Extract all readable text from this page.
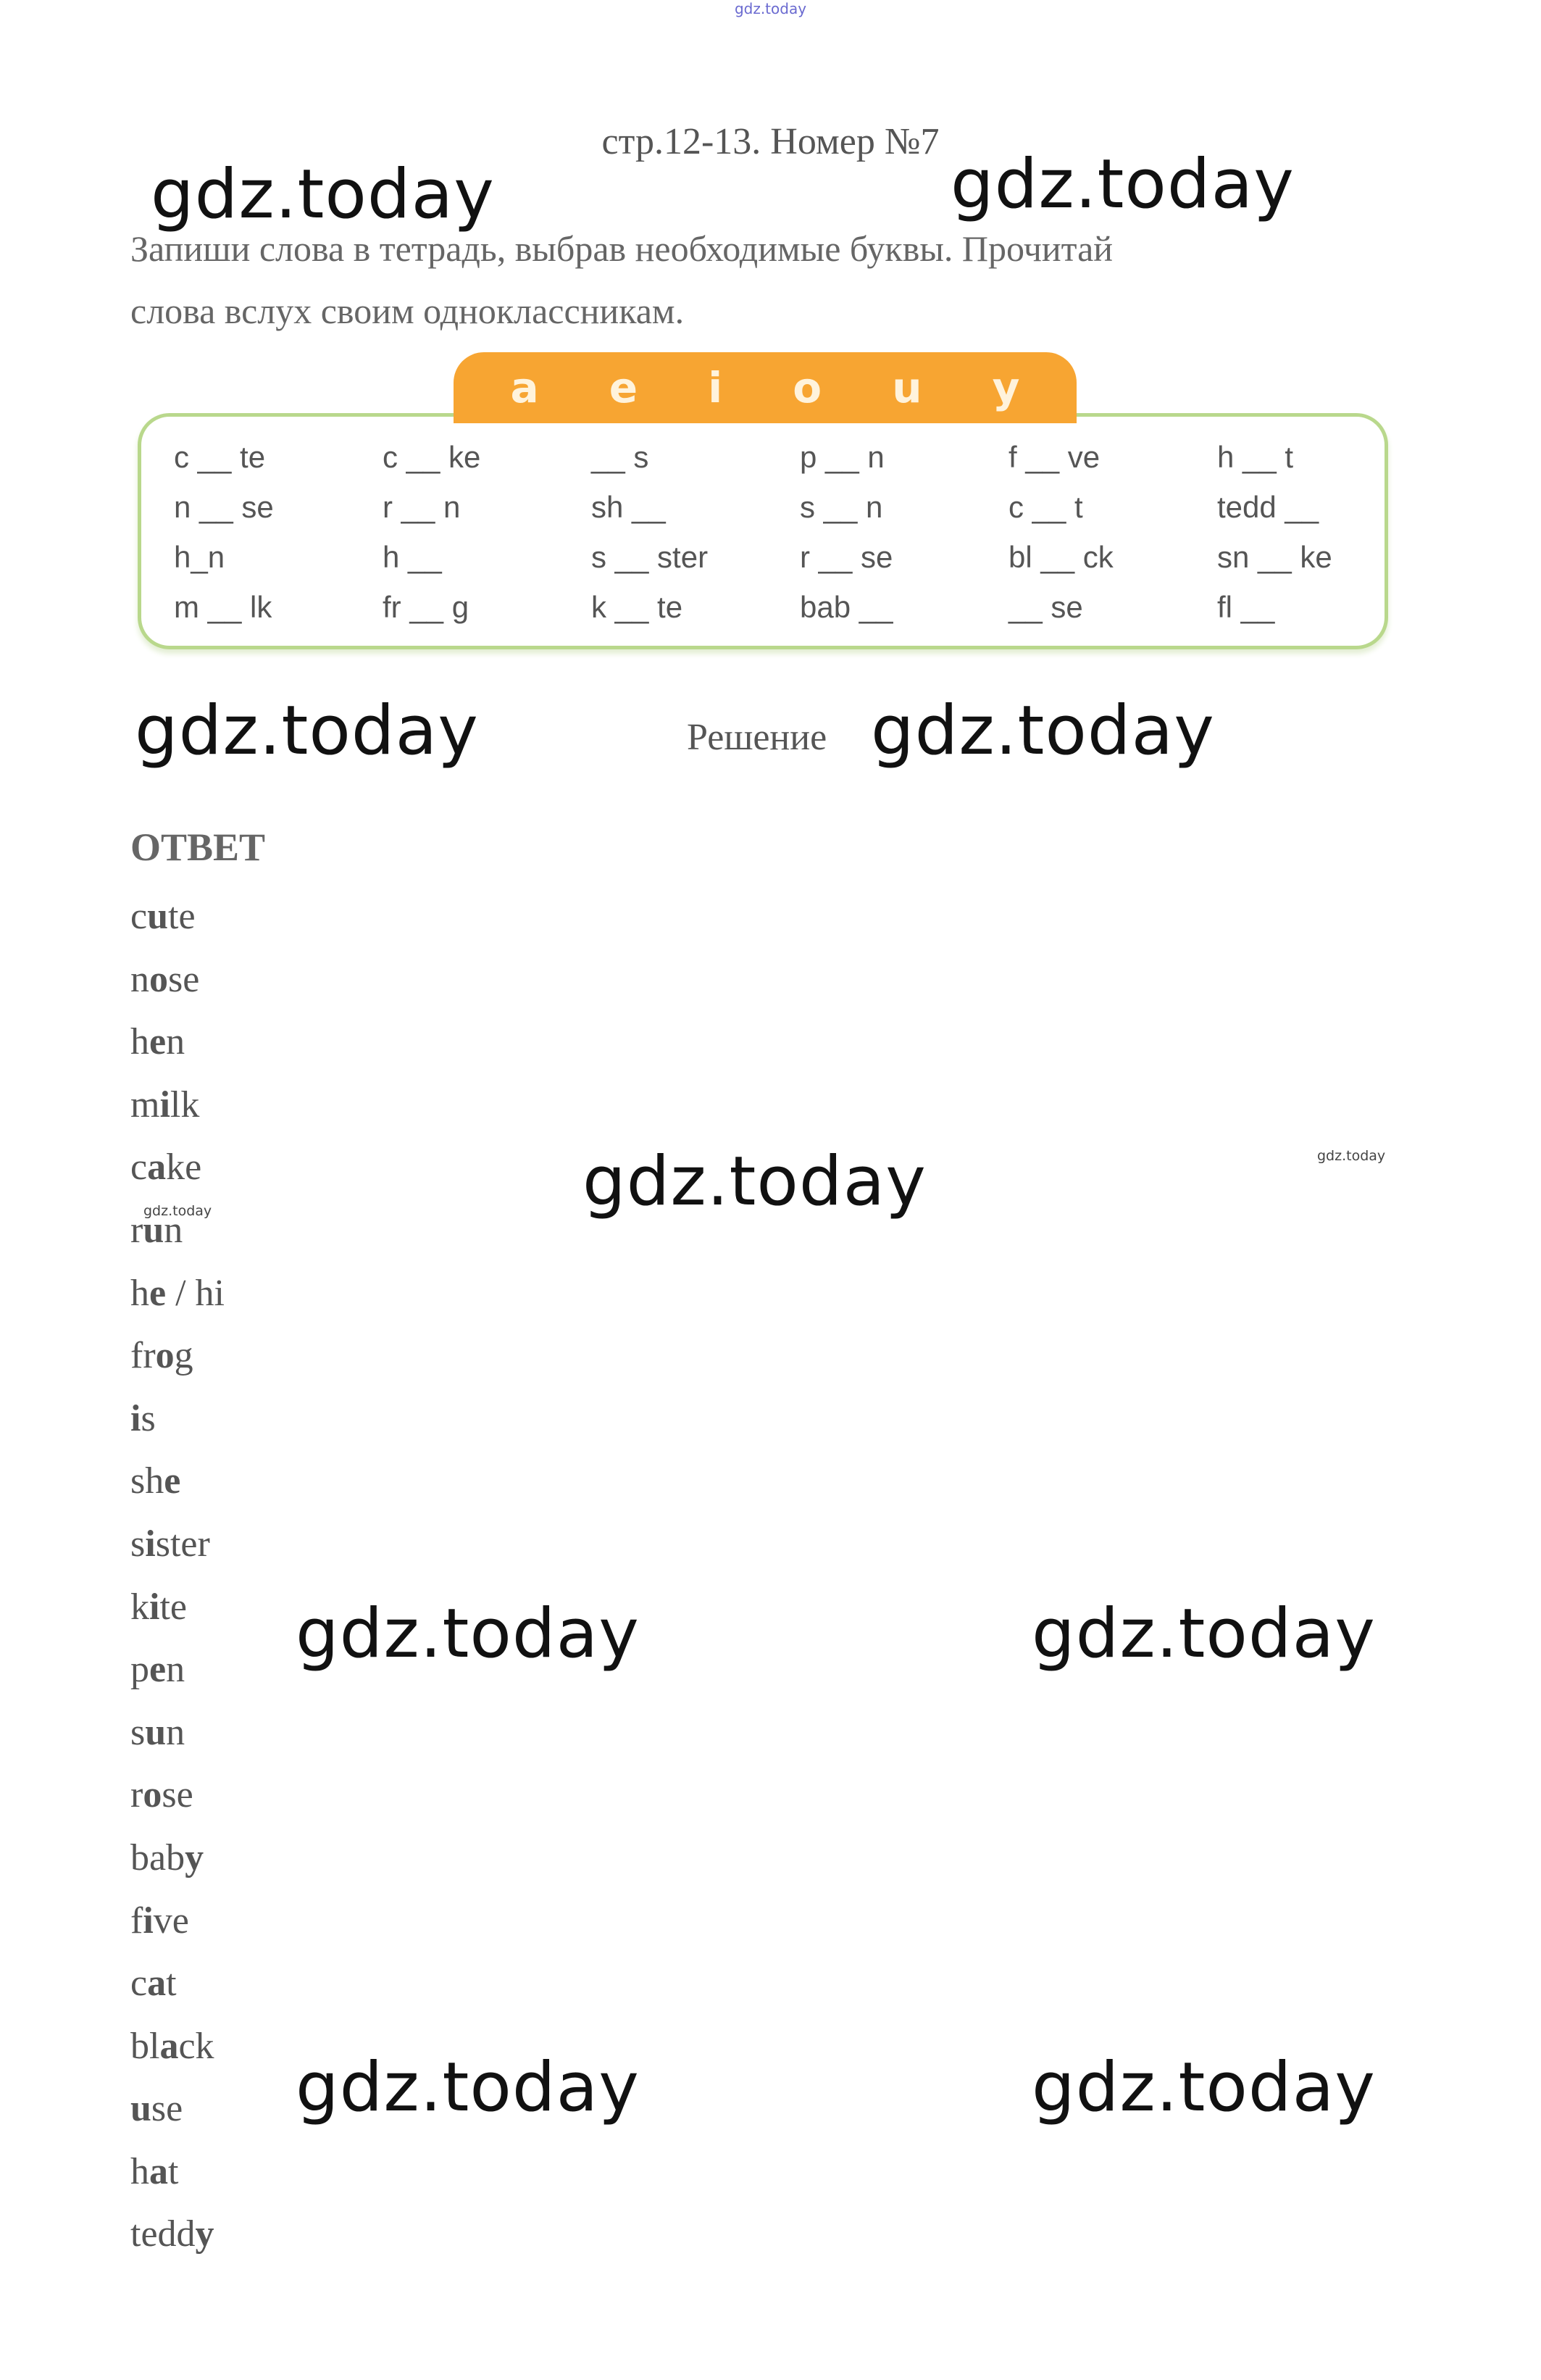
gdz.today
gdz.today	gdz.today
gdz.today	gdz.today
gdz.today
gdz.today	gdz.today
gdz.today	gdz.today
gdz.today
gdz.today
стр.12-13. Номер №7
Запиши слова в тетрадь, выбрав необходимые буквы. Прочитай
слова вслух своим одноклассникам.
a e i o u y
c __ te	c __ ke	__ s	p __ n	f __ ve	h __ t
n __ se	r __ n	sh __	s __ n	c __ t	tedd __
h_n	h __	s __ ster	r __ se	bl __ ck	sn __ ke
m __ lk	fr __ g	k __ te	bab __	__ se	fl __
Решение
ОТВЕТ
cute
nose
hen
milk
cake
run
he / hi
frog
is
she
sister
kite
pen
sun
rose
baby
five
cat
black
use
hat
teddy
